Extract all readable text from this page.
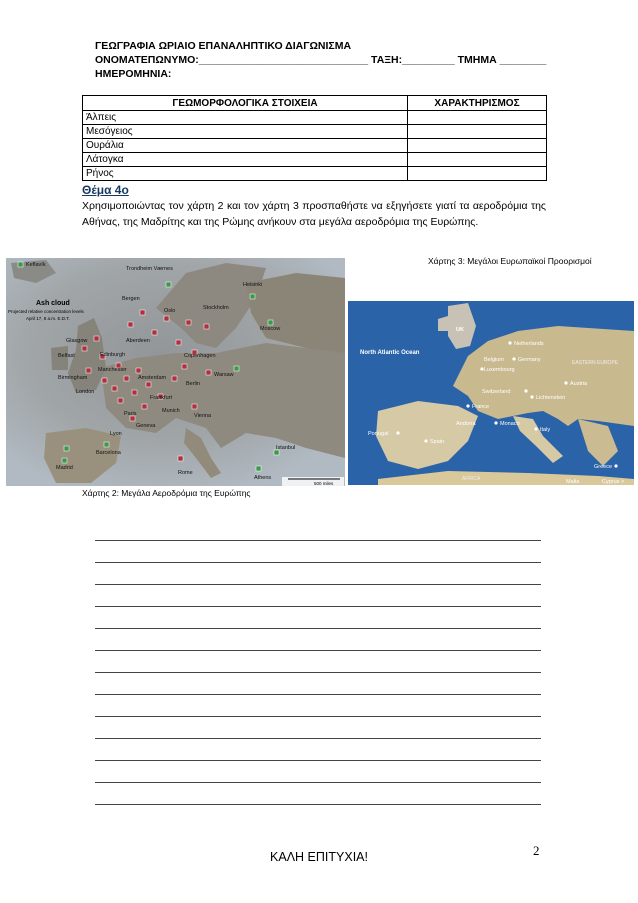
ΓΕΩΓΡΑΦΙΑ ΩΡΙΑΙΟ ΕΠΑΝΑΛΗΠΤΙΚΟ ΔΙΑΓΩΝΙΣΜΑ
ΟΝΟΜΑΤΕΠΩΝΥΜΟ:_____________________________ ΤΑΞΗ:_________ ΤΜΗΜΑ ________
ΗΜΕΡΟΜΗΝΙΑ:
ΓΕΩΜΟΡΦΟΛΟΓΙΚΑ ΣΤΟΙΧΕΙΑ	ΧΑΡΑΚΤΗΡΙΣΜΟΣ
Άλπεις	
Μεσόγειος	
Ουράλια	
Λάτογκα	
Ρήνος	
Θέμα 4ο
Χρησιμοποιώντας τον χάρτη 2 και τον χάρτη 3 προσπαθήστε να εξηγήσετε γιατί τα αεροδρόμια της Αθήνας, της Μαδρίτης και της Ρώμης ανήκουν στα μεγάλα αεροδρόμια της Ευρώπης.
Χάρτης 3: Μεγάλοι Ευρωπαϊκοί Προορισμοί
Ash cloud
Projected relative concentration levels
April 17, 8 a.m. E.D.T.
Keflavík
Trondheim Værnes
Helsinki
Bergen
Oslo	Stockholm
Moscow
Glasgow	Aberdeen
Belfast	Edinburgh	Copenhagen
Manchester
Birmingham	Amsterdam
Berlin
Warsaw
London
Frankfurt
Paris	Munich
Vienna
Geneva
Lyon
Istanbul
Madrid
Barcelona
Rome
Athens
500 miles
Χάρτης 2: Μεγάλα Αεροδρόμια της Ευρώπης
UK
North Atlantic Ocean
Netherlands
Belgium	Germany
Luxembourg
EASTERN EUROPE
Austria
Switzerland
Lichtenstein
France
Andorra	Monaco
Italy
Portugal
Spain
Greece
AFRICA	Malta	Cyprus >
ΚΑΛΗ ΕΠΙΤΥΧΙΑ!	2
